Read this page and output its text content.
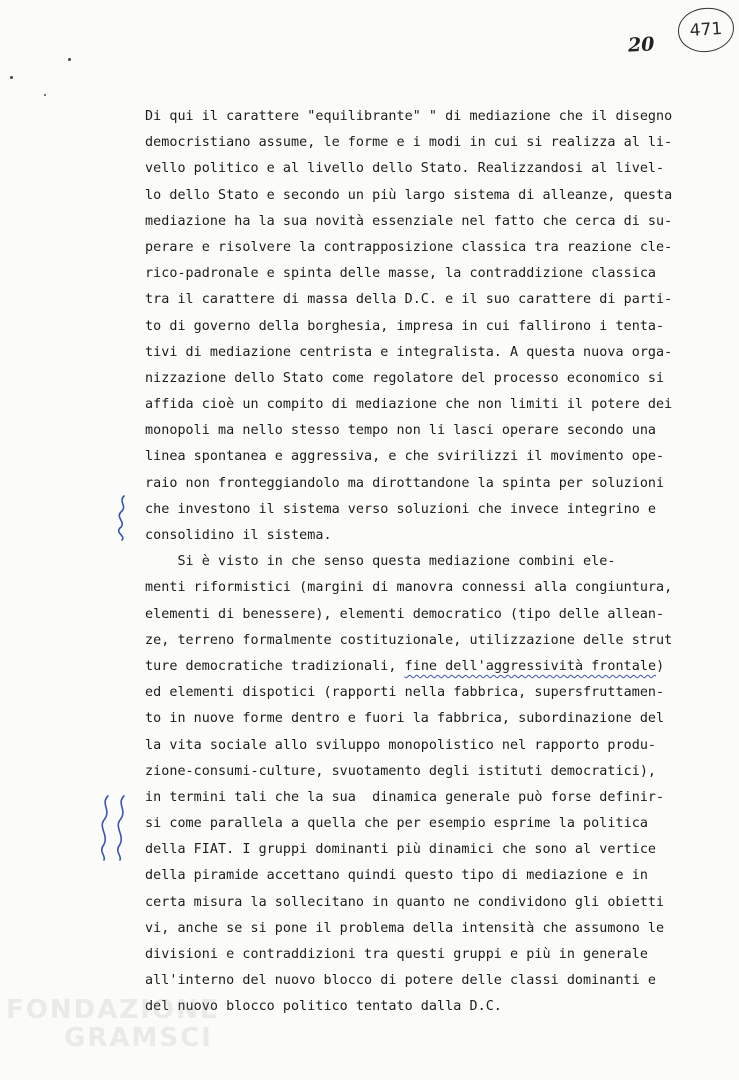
471
20
Di qui il carattere "equilibrante" " di mediazione che il disegno
democristiano assume, le forme e i modi in cui si realizza al li-
vello politico e al livello dello Stato. Realizzandosi al livel-
lo dello Stato e secondo un più largo sistema di alleanze, questa
mediazione ha la sua novità essenziale nel fatto che cerca di su-
perare e risolvere la contrapposizione classica tra reazione cle-
rico-padronale e spinta delle masse, la contraddizione classica
tra il carattere di massa della D.C. e il suo carattere di parti-
to di governo della borghesia, impresa in cui fallirono i tenta-
tivi di mediazione centrista e integralista. A questa nuova orga-
nizzazione dello Stato come regolatore del processo economico si
affida cioè un compito di mediazione che non limiti il potere dei
monopoli ma nello stesso tempo non li lasci operare secondo una
linea spontanea e aggressiva, e che svirilizzi il movimento ope-
raio non fronteggiandolo ma dirottandone la spinta per soluzioni
che investono il sistema verso soluzioni che invece integrino e
consolidino il sistema.
Si è visto in che senso questa mediazione combini ele-
menti riformistici (margini di manovra connessi alla congiuntura,
elementi di benessere), elementi democratico (tipo delle allean-
ze, terreno formalmente costituzionale, utilizzazione delle strut
ture democratiche tradizionali, fine dell'aggressività frontale)
ed elementi dispotici (rapporti nella fabbrica, supersfruttamen-
to in nuove forme dentro e fuori la fabbrica, subordinazione del
la vita sociale allo sviluppo monopolistico nel rapporto produ-
zione-consumi-culture, svuotamento degli istituti democratici),
in termini tali che la sua  dinamica generale può forse definir-
si come parallela a quella che per esempio esprime la politica
della FIAT. I gruppi dominanti più dinamici che sono al vertice
della piramide accettano quindi questo tipo di mediazione e in
certa misura la sollecitano in quanto ne condividono gli obietti
vi, anche se si pone il problema della intensità che assumono le
divisioni e contraddizioni tra questi gruppi e più in generale
all'interno del nuovo blocco di potere delle classi dominanti e
del nuovo blocco politico tentato dalla D.C.
FONDAZIONE
GRAMSCI
